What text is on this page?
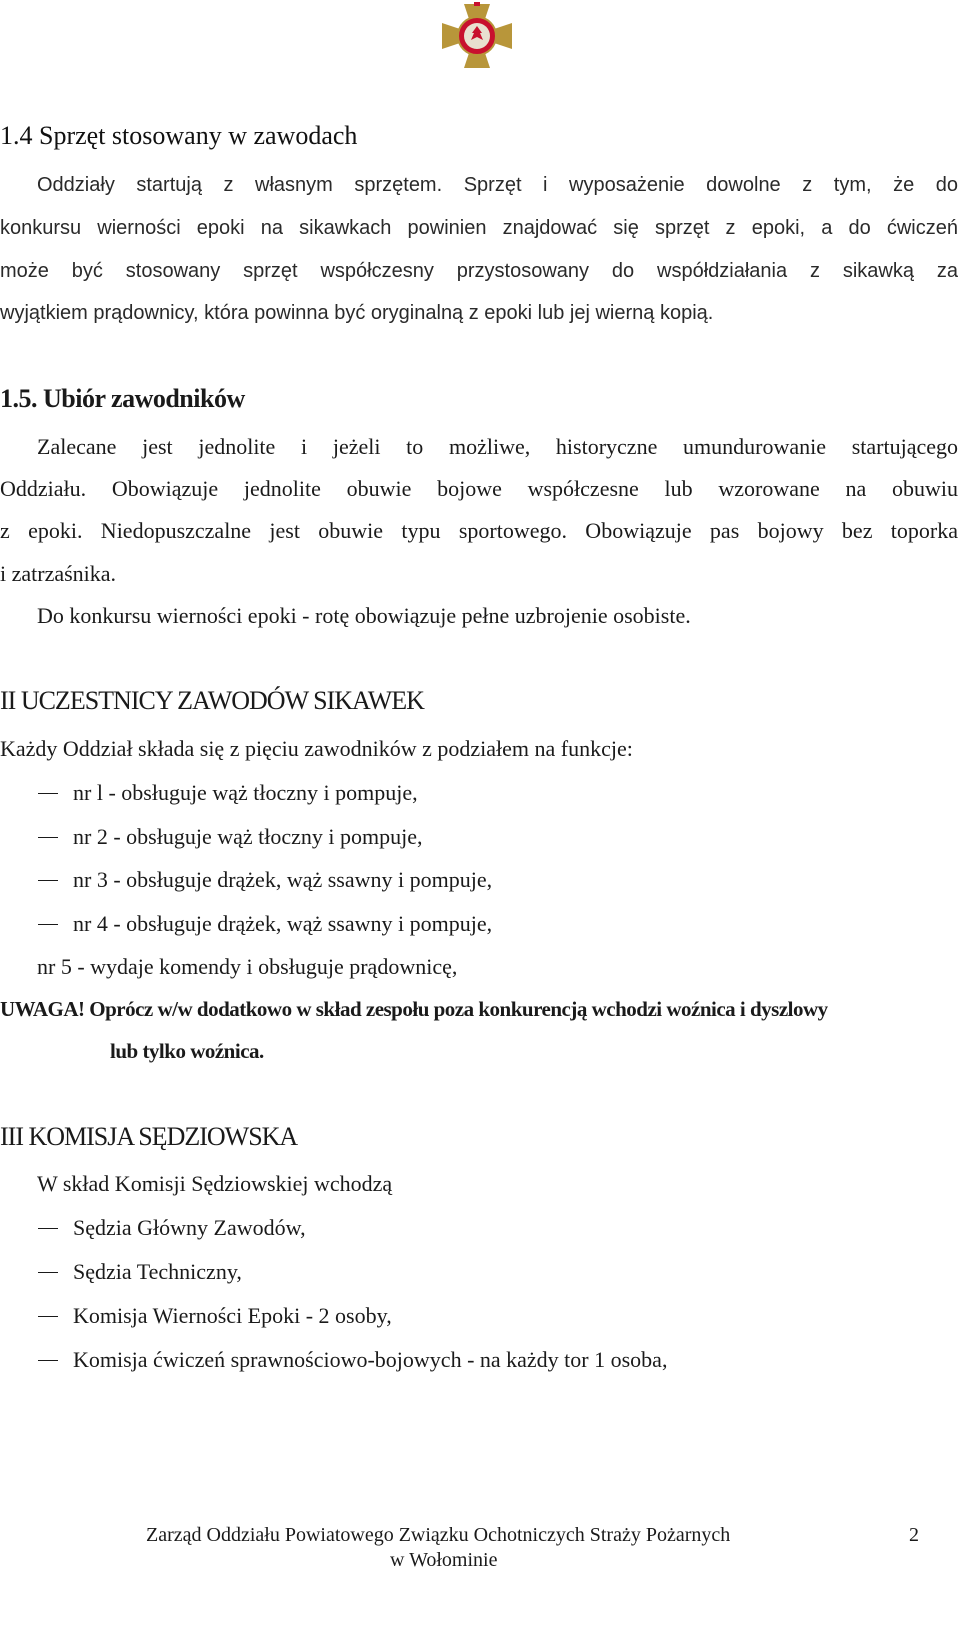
1.4 Sprzęt stosowany w zawodach
Oddziały startują z własnym sprzętem. Sprzęt i wyposażenie dowolne z tym, że do
konkursu wierności epoki na sikawkach powinien znajdować się sprzęt z epoki, a do ćwiczeń
może być stosowany sprzęt współczesny przystosowany do współdziałania z sikawką za
wyjątkiem prądownicy, która powinna być oryginalną z epoki lub jej wierną kopią.
1.5. Ubiór zawodników
Zalecane jest jednolite i jeżeli to możliwe, historyczne umundurowanie startującego
Oddziału. Obowiązuje jednolite obuwie bojowe współczesne lub wzorowane na obuwiu
z epoki. Niedopuszczalne jest obuwie typu sportowego. Obowiązuje pas bojowy bez toporka
i zatrzaśnika.
Do konkursu wierności epoki - rotę obowiązuje pełne uzbrojenie osobiste.
II UCZESTNICY ZAWODÓW SIKAWEK
Każdy Oddział składa się z pięciu zawodników z podziałem na funkcje:
nr l - obsługuje wąż tłoczny i pompuje,
nr 2 - obsługuje wąż tłoczny i pompuje,
nr 3 - obsługuje drążek, wąż ssawny i pompuje,
nr 4 - obsługuje drążek, wąż ssawny i pompuje,
nr 5 - wydaje komendy i obsługuje prądownicę,
UWAGA! Oprócz w/w dodatkowo w skład zespołu poza konkurencją wchodzi woźnica i dyszlowy
lub tylko woźnica.
III KOMISJA SĘDZIOWSKA
W skład Komisji Sędziowskiej wchodzą
Sędzia Główny Zawodów,
Sędzia Techniczny,
Komisja Wierności Epoki - 2 osoby,
Komisja ćwiczeń sprawnościowo-bojowych - na każdy tor 1 osoba,
Zarząd Oddziału Powiatowego Związku Ochotniczych Straży Pożarnych
w Wołominie
2
